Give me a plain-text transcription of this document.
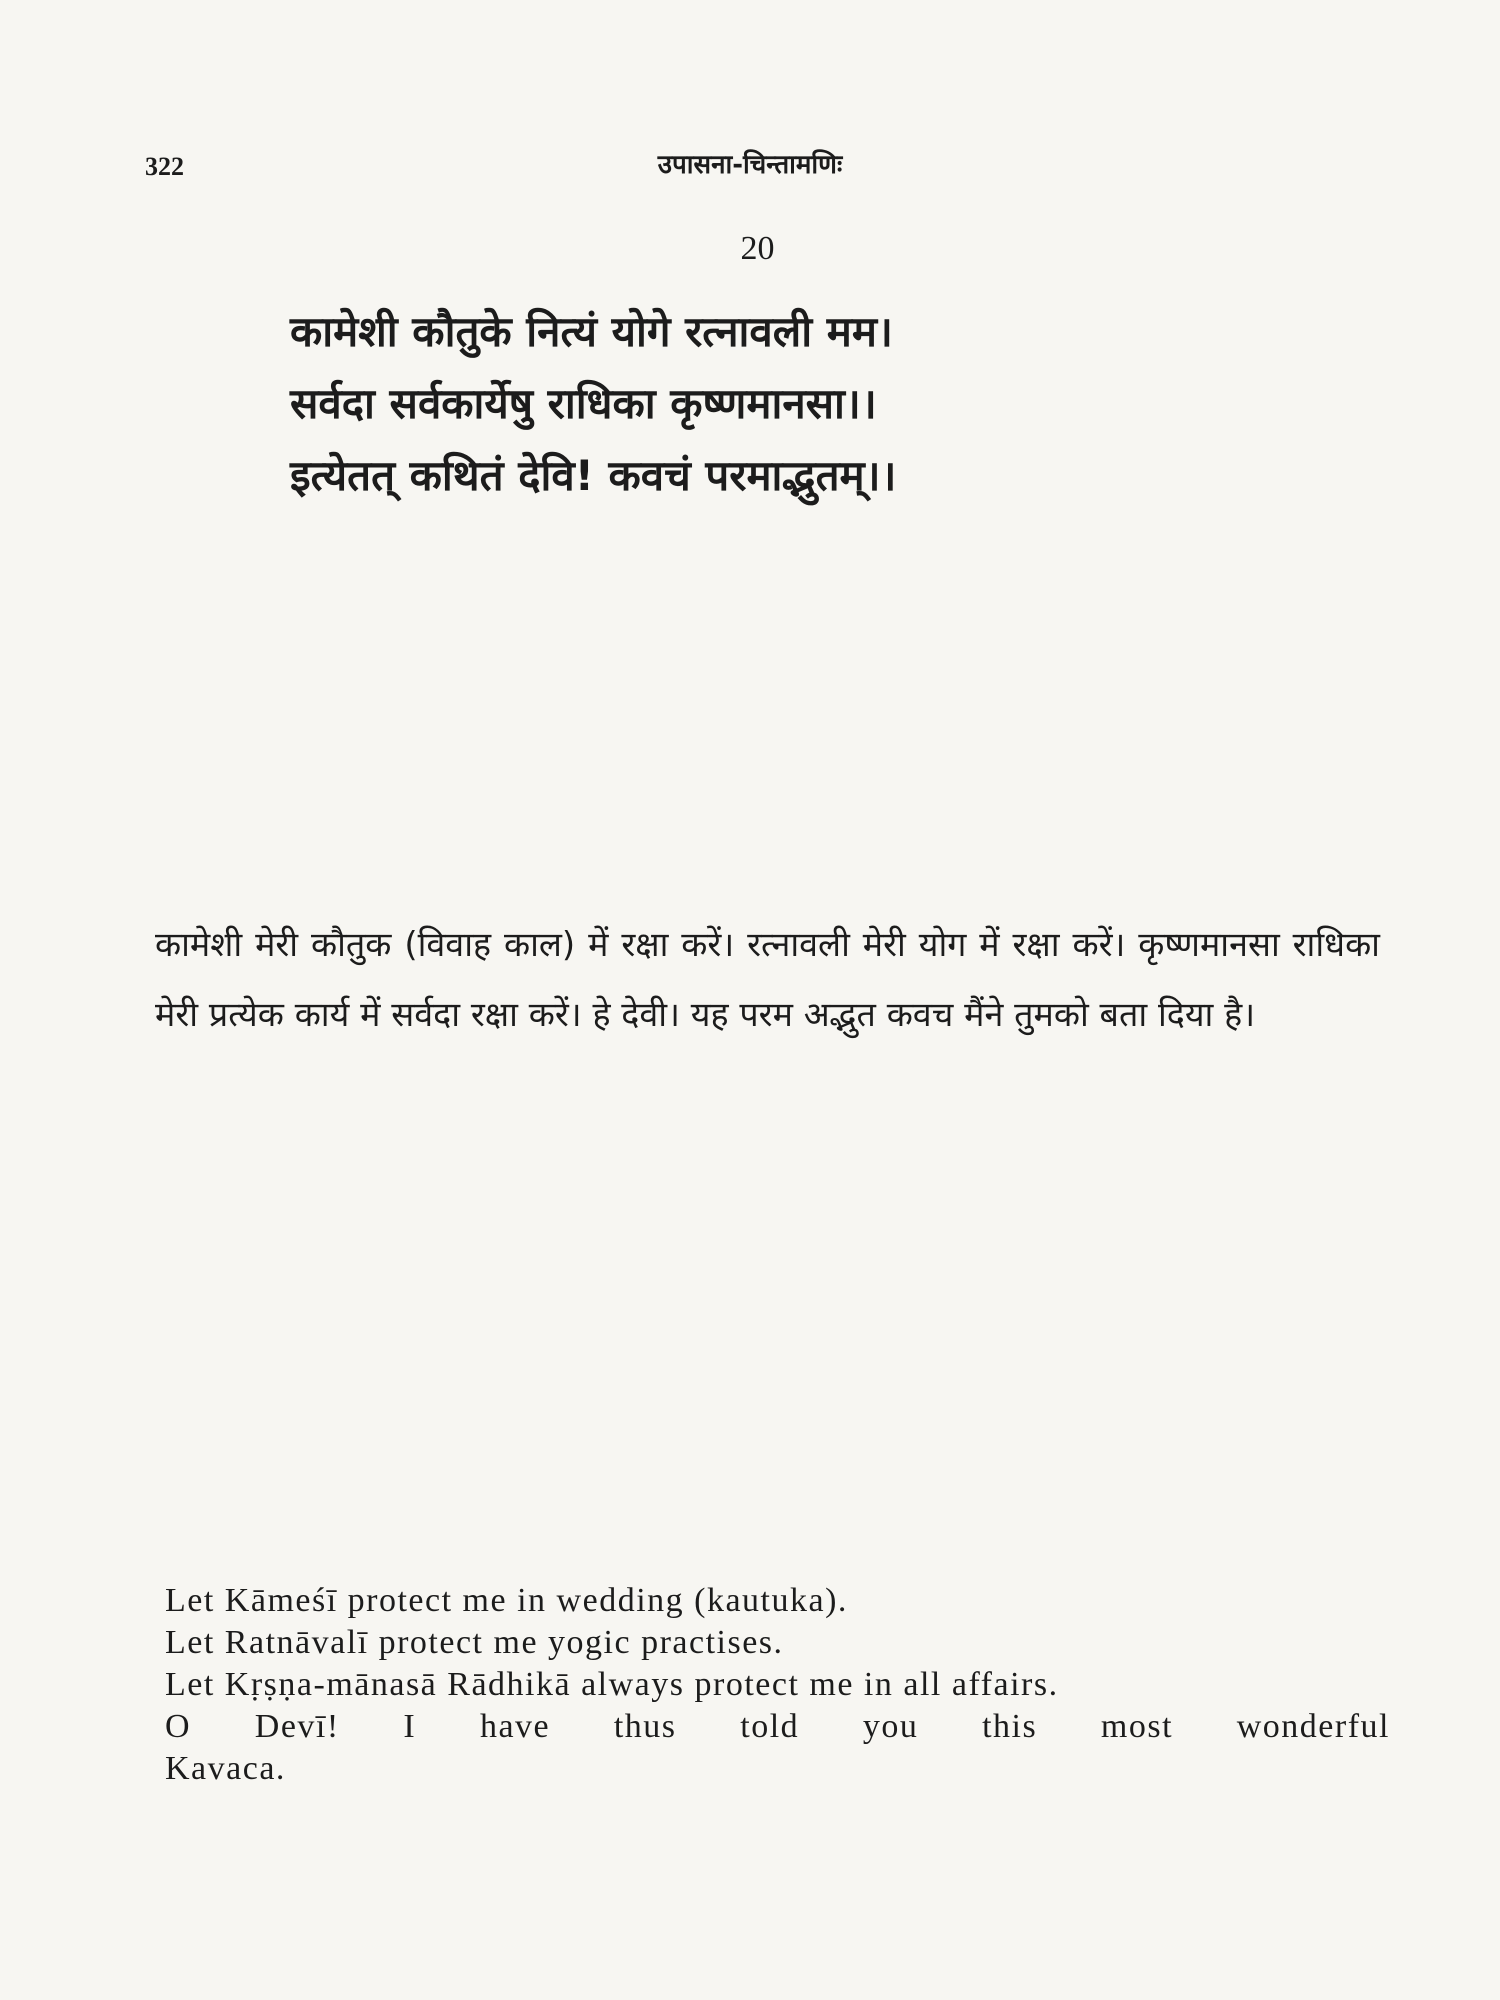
322	उपासना-चिन्तामणिः
20
कामेशी कौतुके नित्यं योगे रत्नावली मम।
सर्वदा सर्वकार्येषु राधिका कृष्णमानसा।।
इत्येतत् कथितं देवि! कवचं परमाद्भुतम्।।
कामेशी मेरी कौतुक (विवाह काल) में रक्षा करें। रत्नावली मेरी योग में रक्षा करें। कृष्णमानसा राधिका मेरी प्रत्येक कार्य में सर्वदा रक्षा करें। हे देवी। यह परम अद्भुत कवच मैंने तुमको बता दिया है।
Let Kāmeśī protect me in wedding (kautuka).
Let Ratnāvalī protect me yogic practises.
Let Kṛṣṇa-mānasā Rādhikā always protect me in all affairs.
O Devī! I have thus told you this most wonderful
Kavaca.
